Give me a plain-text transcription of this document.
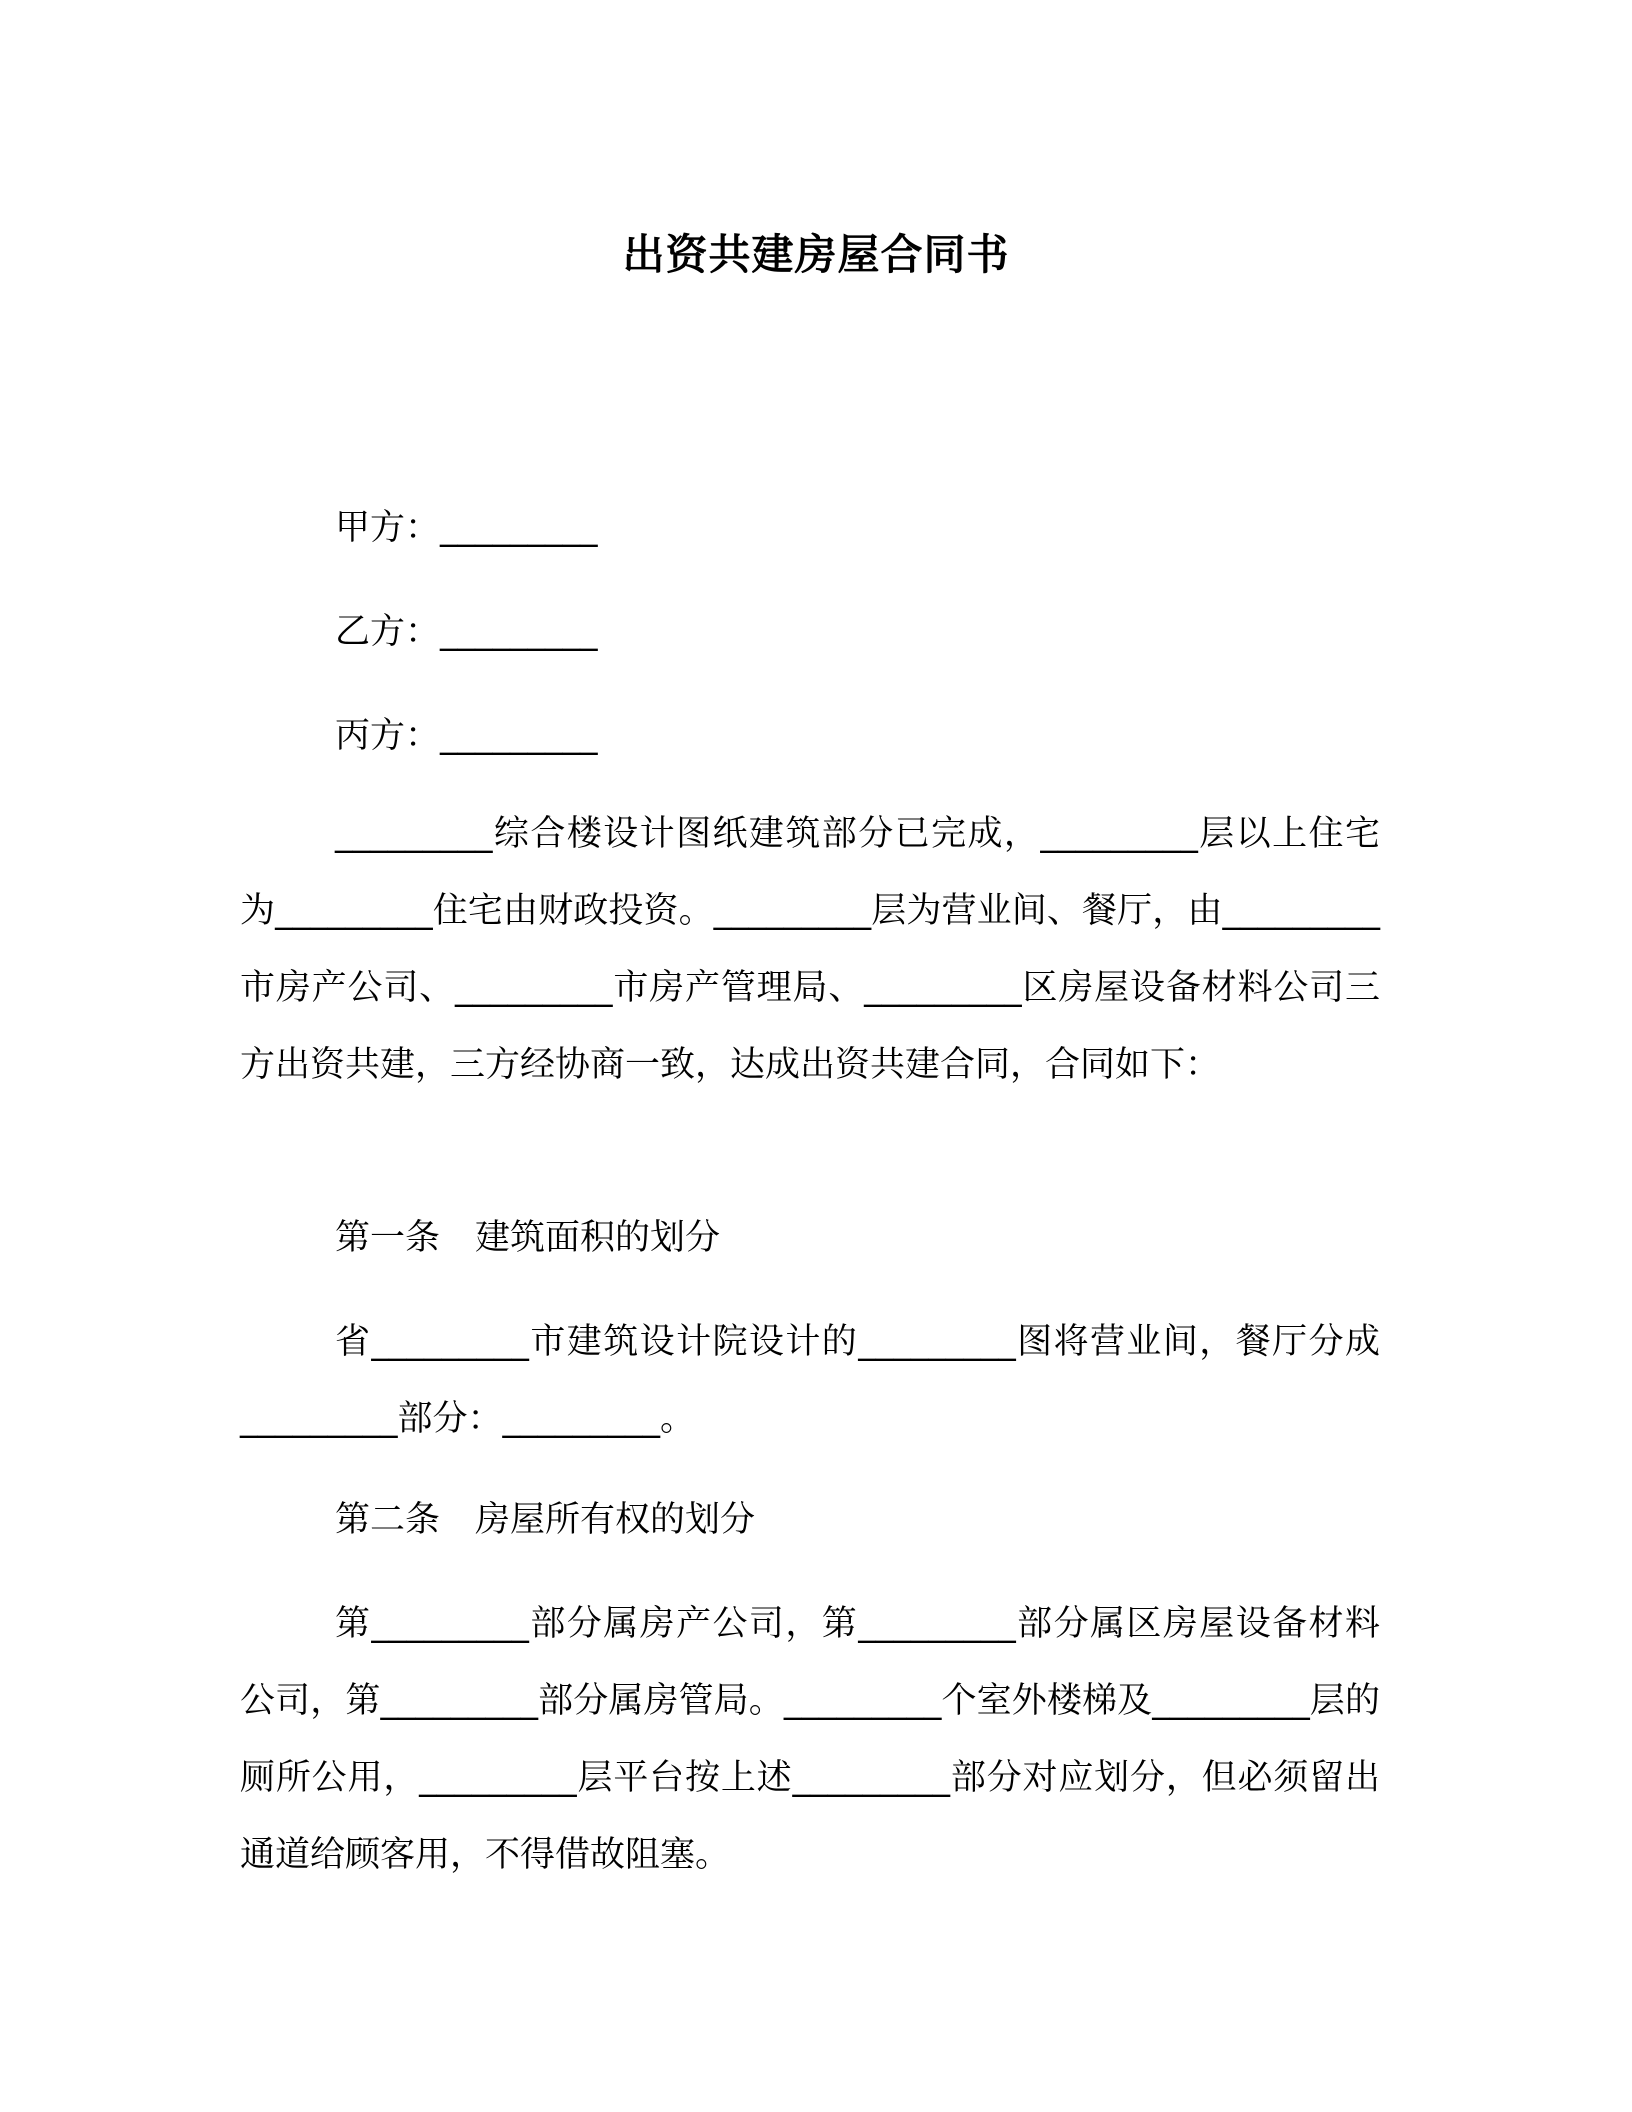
出资共建房屋合同书
甲方：_________
乙方：_________
丙方：_________
_________综合楼设计图纸建筑部分已完成，_________层以上住宅为_________住宅由财政投资。_________层为营业间、餐厅，由_________市房产公司、_________市房产管理局、_________区房屋设备材料公司三方出资共建，三方经协商一致，达成出资共建合同，合同如下：
第一条　建筑面积的划分
省_________市建筑设计院设计的_________图将营业间，餐厅分成_________部分：_________。
第二条　房屋所有权的划分
第_________部分属房产公司，第_________部分属区房屋设备材料公司，第_________部分属房管局。_________个室外楼梯及_________层的厕所公用，_________层平台按上述_________部分对应划分，但必须留出通道给顾客用，不得借故阻塞。
